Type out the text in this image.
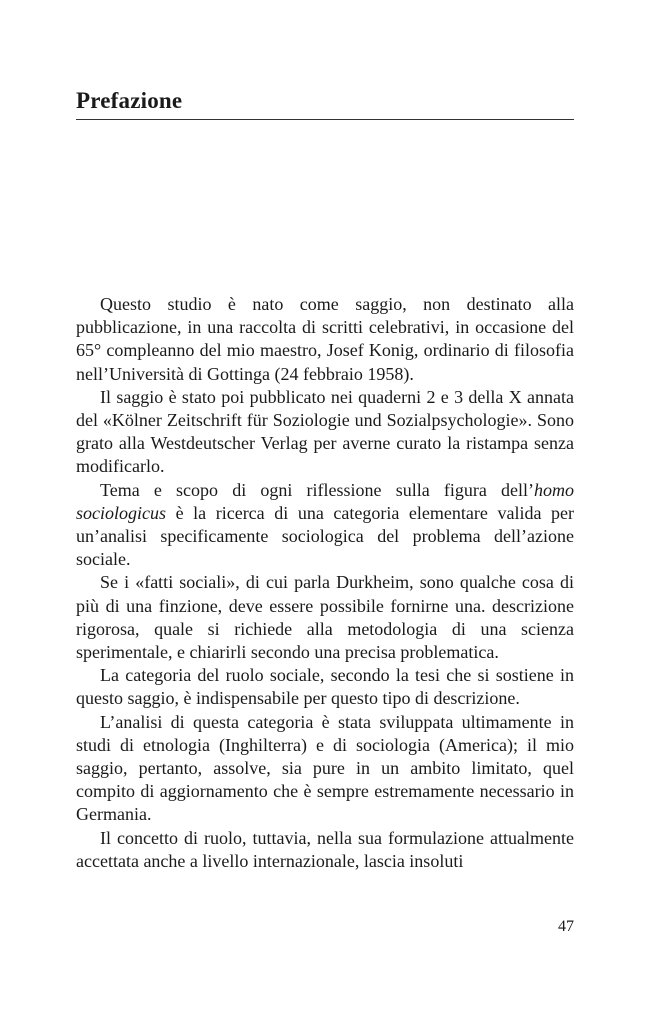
Prefazione

Questo studio è nato come saggio, non destinato alla pubblicazione, in una raccolta di scritti celebrativi, in occasione del 65° compleanno del mio maestro, Josef Konig, ordinario di filosofia nell’Università di Gottinga (24 febbraio 1958).

Il saggio è stato poi pubblicato nei quaderni 2 e 3 della X annata del «Kölner Zeitschrift für Soziologie und Sozialpsychologie». Sono grato alla Westdeutscher Verlag per averne curato la ristampa senza modificarlo.

Tema e scopo di ogni riflessione sulla figura dell’homo sociologicus è la ricerca di una categoria elementare valida per un’analisi specificamente sociologica del problema dell’azione sociale.

Se i «fatti sociali», di cui parla Durkheim, sono qualche cosa di più di una finzione, deve essere possibile fornirne una. descrizione rigorosa, quale si richiede alla metodologia di una scienza sperimentale, e chiarirli secondo una precisa problematica.

La categoria del ruolo sociale, secondo la tesi che si sostiene in questo saggio, è indispensabile per questo tipo di descrizione.

L’analisi di questa categoria è stata sviluppata ultimamente in studi di etnologia (Inghilterra) e di sociologia (America); il mio saggio, pertanto, assolve, sia pure in un ambito limitato, quel compito di aggiornamento che è sempre estremamente necessario in Germania.

Il concetto di ruolo, tuttavia, nella sua formulazione attualmente accettata anche a livello internazionale, lascia insoluti

47
